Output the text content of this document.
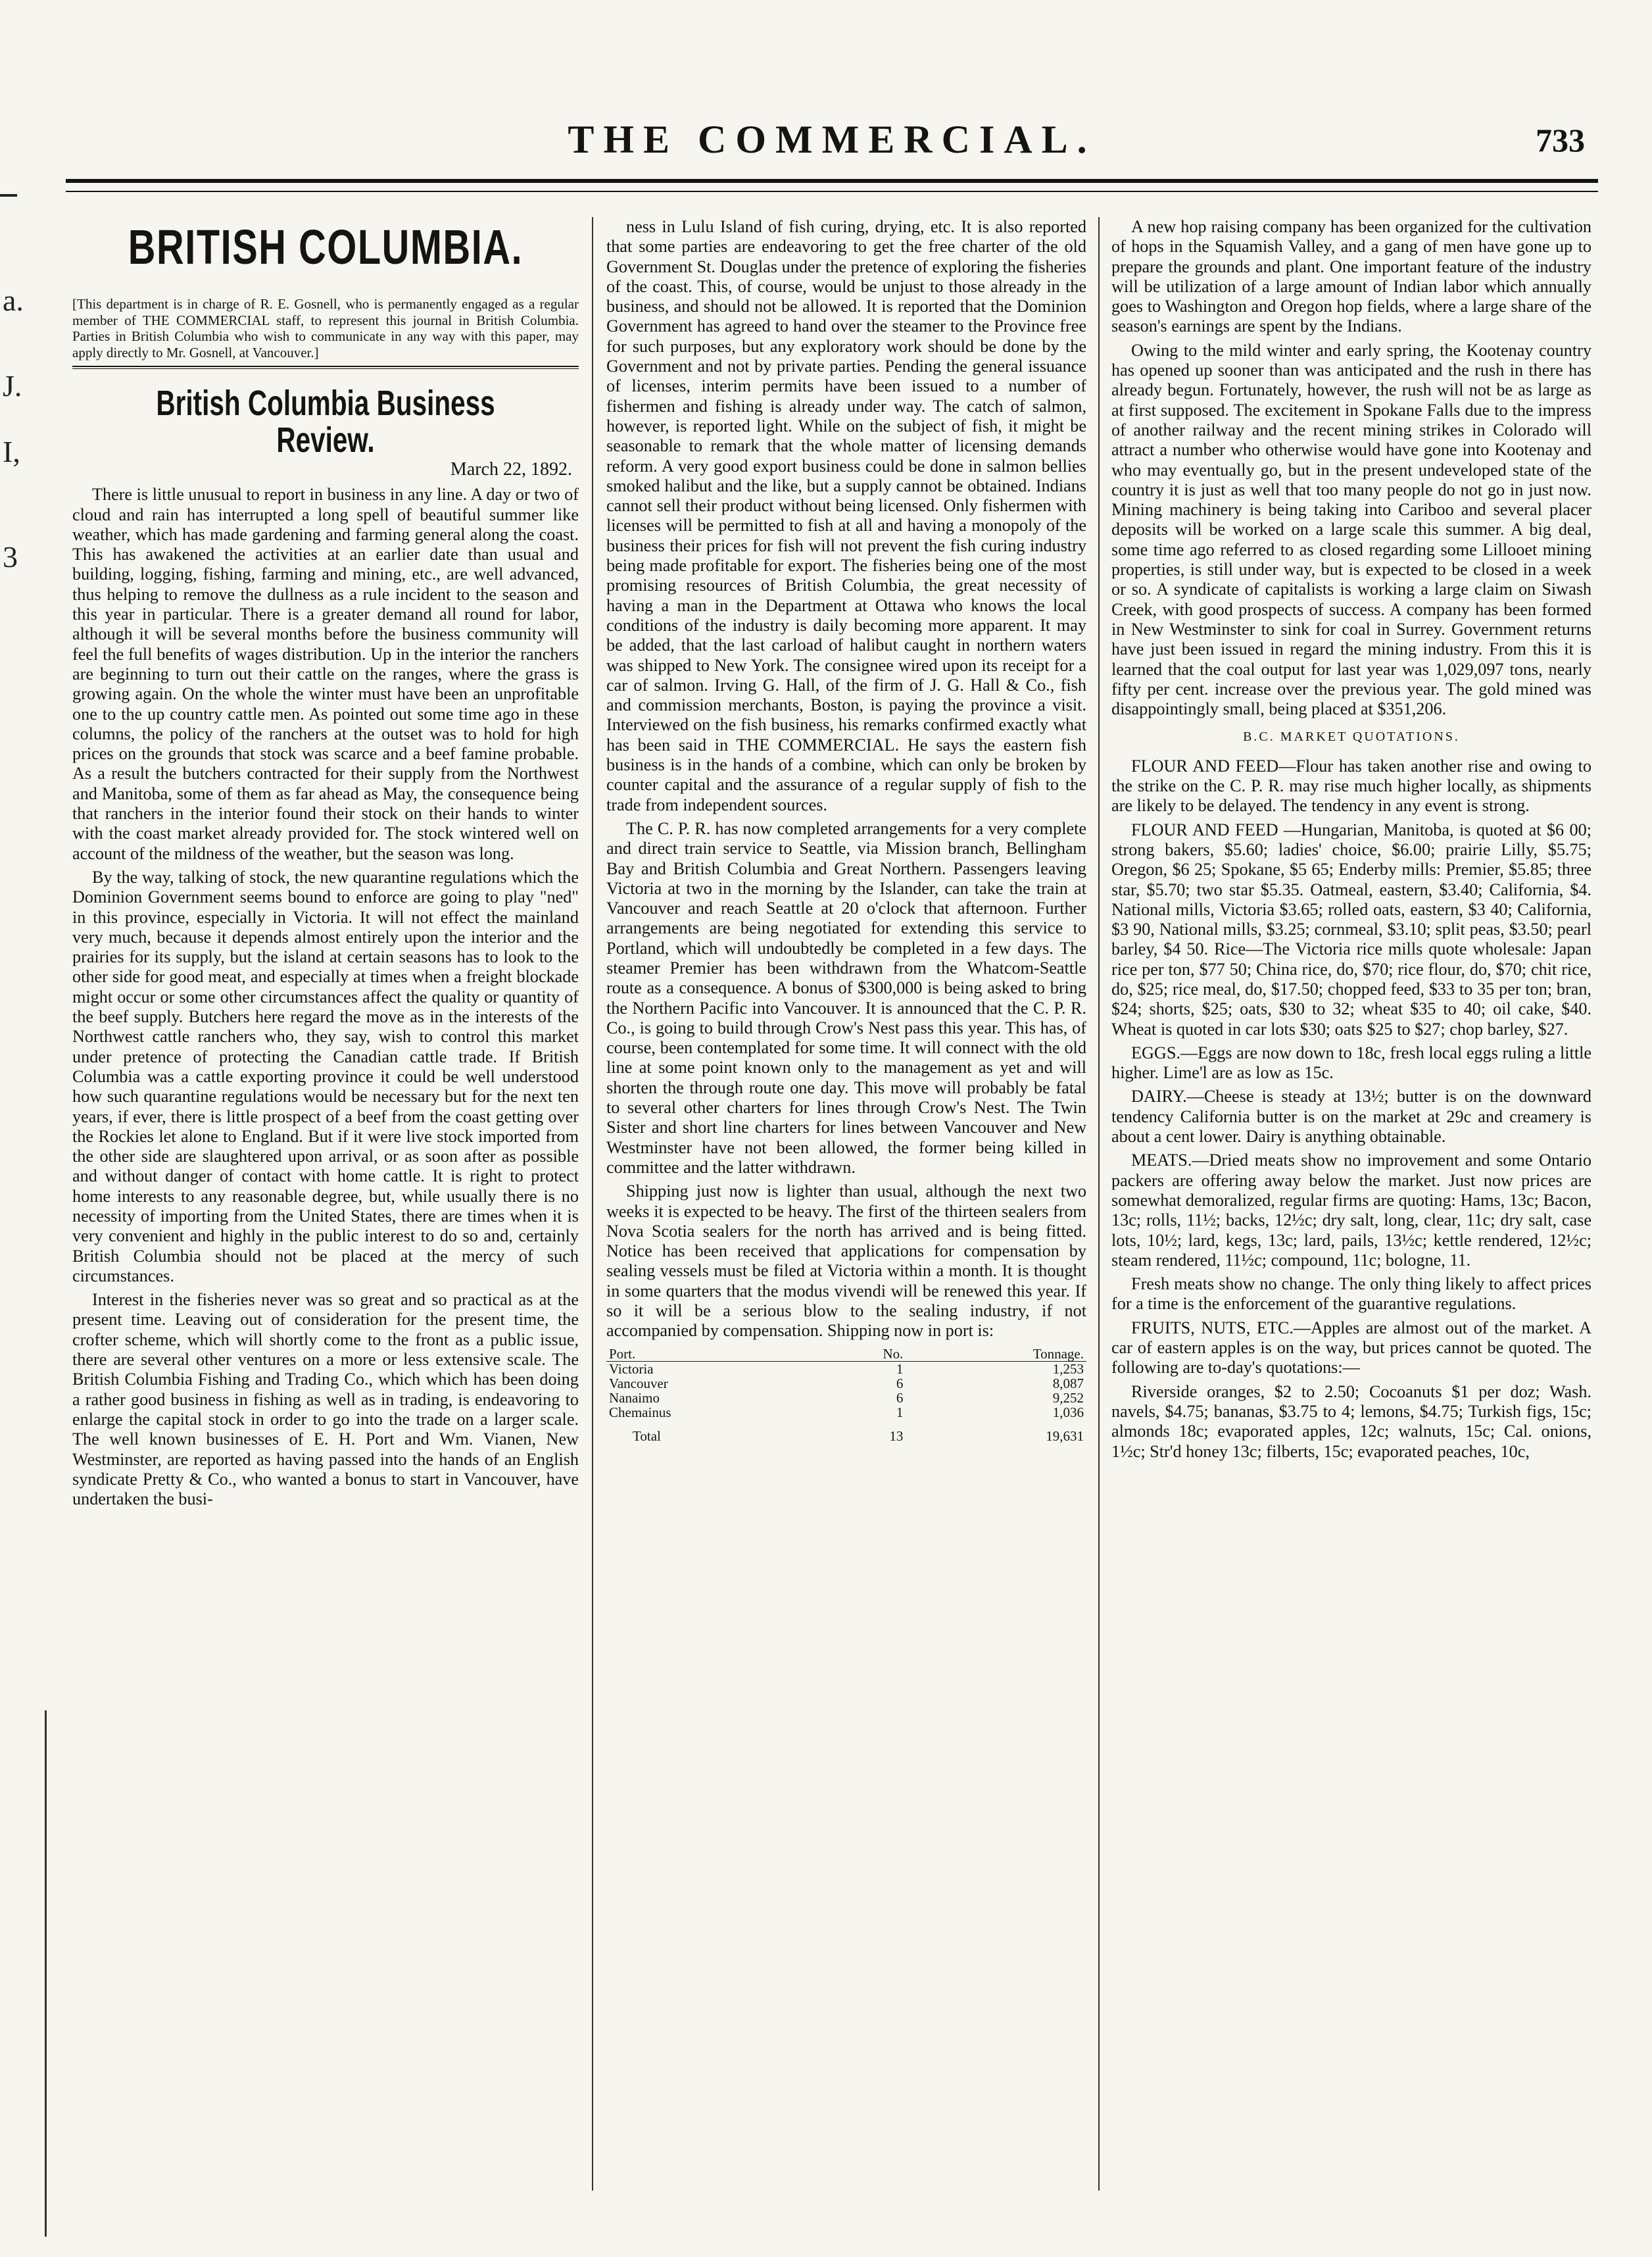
a.
J.
I,
3
THE COMMERCIAL.	733
BRITISH COLUMBIA.

[This department is in charge of R. E. Gosnell, who is permanently engaged as a regular member of THE COMMERCIAL staff, to represent this journal in British Columbia. Parties in British Columbia who wish to communicate in any way with this paper, may apply directly to Mr. Gosnell, at Vancouver.]

British Columbia Business Review.
March 22, 1892.

There is little unusual to report in business in any line. A day or two of cloud and rain has interrupted a long spell of beautiful summer like weather, which has made gardening and farming general along the coast. This has awakened the activities at an earlier date than usual and building, logging, fishing, farming and mining, etc., are well advanced, thus helping to remove the dullness as a rule incident to the season and this year in particular. There is a greater demand all round for labor, although it will be several months before the business community will feel the full benefits of wages distribution. Up in the interior the ranchers are beginning to turn out their cattle on the ranges, where the grass is growing again. On the whole the winter must have been an unprofitable one to the up country cattle men. As pointed out some time ago in these columns, the policy of the ranchers at the outset was to hold for high prices on the grounds that stock was scarce and a beef famine probable. As a result the butchers contracted for their supply from the Northwest and Manitoba, some of them as far ahead as May, the consequence being that ranchers in the interior found their stock on their hands to winter with the coast market already provided for. The stock wintered well on account of the mildness of the weather, but the season was long.

By the way, talking of stock, the new quarantine regulations which the Dominion Government seems bound to enforce are going to play "ned" in this province, especially in Victoria. It will not effect the mainland very much, because it depends almost entirely upon the interior and the prairies for its supply, but the island at certain seasons has to look to the other side for good meat, and especially at times when a freight blockade might occur or some other circumstances affect the quality or quantity of the beef supply. Butchers here regard the move as in the interests of the Northwest cattle ranchers who, they say, wish to control this market under pretence of protecting the Canadian cattle trade. If British Columbia was a cattle exporting province it could be well understood how such quarantine regulations would be necessary but for the next ten years, if ever, there is little prospect of a beef from the coast getting over the Rockies let alone to England. But if it were live stock imported from the other side are slaughtered upon arrival, or as soon after as possible and without danger of contact with home cattle. It is right to protect home interests to any reasonable degree, but, while usually there is no necessity of importing from the United States, there are times when it is very convenient and highly in the public interest to do so and, certainly British Columbia should not be placed at the mercy of such circumstances.

Interest in the fisheries never was so great and so practical as at the present time. Leaving out of consideration for the present time, the crofter scheme, which will shortly come to the front as a public issue, there are several other ventures on a more or less extensive scale. The British Columbia Fishing and Trading Co., which which has been doing a rather good business in fishing as well as in trading, is endeavoring to enlarge the capital stock in order to go into the trade on a larger scale. The well known businesses of E. H. Port and Wm. Vianen, New Westminster, are reported as having passed into the hands of an English syndicate Pretty & Co., who wanted a bonus to start in Vancouver, have undertaken the busi-

ness in Lulu Island of fish curing, drying, etc. It is also reported that some parties are endeavoring to get the free charter of the old Government St. Douglas under the pretence of exploring the fisheries of the coast. This, of course, would be unjust to those already in the business, and should not be allowed. It is reported that the Dominion Government has agreed to hand over the steamer to the Province free for such purposes, but any exploratory work should be done by the Government and not by private parties. Pending the general issuance of licenses, interim permits have been issued to a number of fishermen and fishing is already under way. The catch of salmon, however, is reported light. While on the subject of fish, it might be seasonable to remark that the whole matter of licensing demands reform. A very good export business could be done in salmon bellies smoked halibut and the like, but a supply cannot be obtained. Indians cannot sell their product without being licensed. Only fishermen with licenses will be permitted to fish at all and having a monopoly of the business their prices for fish will not prevent the fish curing industry being made profitable for export. The fisheries being one of the most promising resources of British Columbia, the great necessity of having a man in the Department at Ottawa who knows the local conditions of the industry is daily becoming more apparent. It may be added, that the last carload of halibut caught in northern waters was shipped to New York. The consignee wired upon its receipt for a car of salmon. Irving G. Hall, of the firm of J. G. Hall & Co., fish and commission merchants, Boston, is paying the province a visit. Interviewed on the fish business, his remarks confirmed exactly what has been said in THE COMMERCIAL. He says the eastern fish business is in the hands of a combine, which can only be broken by counter capital and the assurance of a regular supply of fish to the trade from independent sources.

The C. P. R. has now completed arrangements for a very complete and direct train service to Seattle, via Mission branch, Bellingham Bay and British Columbia and Great Northern. Passengers leaving Victoria at two in the morning by the Islander, can take the train at Vancouver and reach Seattle at 20 o'clock that afternoon. Further arrangements are being negotiated for extending this service to Portland, which will undoubtedly be completed in a few days. The steamer Premier has been withdrawn from the Whatcom-Seattle route as a consequence. A bonus of $300,000 is being asked to bring the Northern Pacific into Vancouver. It is announced that the C. P. R. Co., is going to build through Crow's Nest pass this year. This has, of course, been contemplated for some time. It will connect with the old line at some point known only to the management as yet and will shorten the through route one day. This move will probably be fatal to several other charters for lines through Crow's Nest. The Twin Sister and short line charters for lines between Vancouver and New Westminster have not been allowed, the former being killed in committee and the latter withdrawn.

Shipping just now is lighter than usual, although the next two weeks it is expected to be heavy. The first of the thirteen sealers from Nova Scotia sealers for the north has arrived and is being fitted. Notice has been received that applications for compensation by sealing vessels must be filed at Victoria within a month. It is thought in some quarters that the modus vivendi will be renewed this year. If so it will be a serious blow to the sealing industry, if not accompanied by compensation. Shipping now in port is:

Port.	No.	Tonnage.
Victoria	1	1,253
Vancouver	6	8,087
Nanaimo	6	9,252
Chemainus	1	1,036
Total	13	19,631

A new hop raising company has been organized for the cultivation of hops in the Squamish Valley, and a gang of men have gone up to prepare the grounds and plant. One important feature of the industry will be utilization of a large amount of Indian labor which annually goes to Washington and Oregon hop fields, where a large share of the season's earnings are spent by the Indians.

Owing to the mild winter and early spring, the Kootenay country has opened up sooner than was anticipated and the rush in there has already begun. Fortunately, however, the rush will not be as large as at first supposed. The excitement in Spokane Falls due to the impress of another railway and the recent mining strikes in Colorado will attract a number who otherwise would have gone into Kootenay and who may eventually go, but in the present undeveloped state of the country it is just as well that too many people do not go in just now. Mining machinery is being taking into Cariboo and several placer deposits will be worked on a large scale this summer. A big deal, some time ago referred to as closed regarding some Lillooet mining properties, is still under way, but is expected to be closed in a week or so. A syndicate of capitalists is working a large claim on Siwash Creek, with good prospects of success. A company has been formed in New Westminster to sink for coal in Surrey. Government returns have just been issued in regard the mining industry. From this it is learned that the coal output for last year was 1,029,097 tons, nearly fifty per cent. increase over the previous year. The gold mined was disappointingly small, being placed at $351,206.

B.C. MARKET QUOTATIONS.

FLOUR AND FEED—Flour has taken another rise and owing to the strike on the C. P. R. may rise much higher locally, as shipments are likely to be delayed. The tendency in any event is strong.

FLOUR AND FEED —Hungarian, Manitoba, is quoted at $6 00; strong bakers, $5.60; ladies' choice, $6.00; prairie Lilly, $5.75; Oregon, $6 25; Spokane, $5 65; Enderby mills: Premier, $5.85; three star, $5.70; two star $5.35. Oatmeal, eastern, $3.40; California, $4. National mills, Victoria $3.65; rolled oats, eastern, $3 40; California, $3 90, National mills, $3.25; cornmeal, $3.10; split peas, $3.50; pearl barley, $4 50. Rice—The Victoria rice mills quote wholesale: Japan rice per ton, $77 50; China rice, do, $70; rice flour, do, $70; chit rice, do, $25; rice meal, do, $17.50; chopped feed, $33 to 35 per ton; bran, $24; shorts, $25; oats, $30 to 32; wheat $35 to 40; oil cake, $40. Wheat is quoted in car lots $30; oats $25 to $27; chop barley, $27.

EGGS.—Eggs are now down to 18c, fresh local eggs ruling a little higher. Lime'l are as low as 15c.

DAIRY.—Cheese is steady at 13½; butter is on the downward tendency California butter is on the market at 29c and creamery is about a cent lower. Dairy is anything obtainable.

MEATS.—Dried meats show no improvement and some Ontario packers are offering away below the market. Just now prices are somewhat demoralized, regular firms are quoting: Hams, 13c; Bacon, 13c; rolls, 11½; backs, 12½c; dry salt, long, clear, 11c; dry salt, case lots, 10½; lard, kegs, 13c; lard, pails, 13½c; kettle rendered, 12½c; steam rendered, 11½c; compound, 11c; bologne, 11.

Fresh meats show no change. The only thing likely to affect prices for a time is the enforcement of the guarantive regulations.

FRUITS, NUTS, ETC.—Apples are almost out of the market. A car of eastern apples is on the way, but prices cannot be quoted. The following are to-day's quotations:—

Riverside oranges, $2 to 2.50; Cocoanuts $1 per doz; Wash. navels, $4.75; bananas, $3.75 to 4; lemons, $4.75; Turkish figs, 15c; almonds 18c; evaporated apples, 12c; walnuts, 15c; Cal. onions, 1½c; Str'd honey 13c; filberts, 15c; evaporated peaches, 10c,
